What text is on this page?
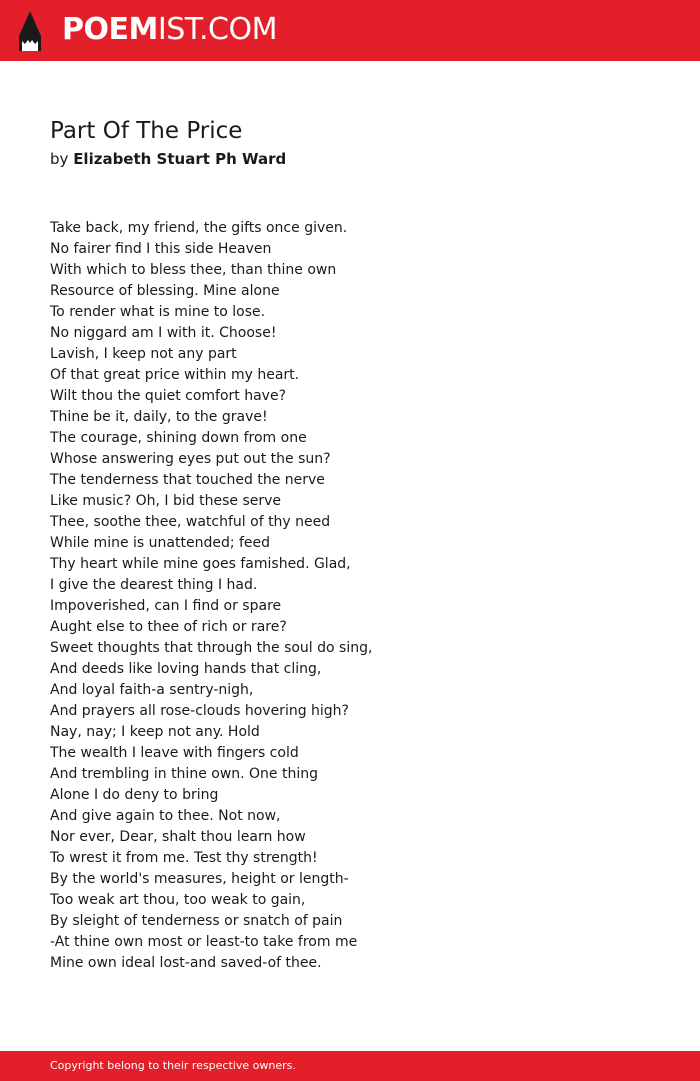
POEMIST.COM
Part Of The Price
by Elizabeth Stuart Ph Ward
Take back, my friend, the gifts once given.
No fairer find I this side Heaven
With which to bless thee, than thine own
Resource of blessing. Mine alone
To render what is mine to lose.
No niggard am I with it. Choose!
Lavish, I keep not any part
Of that great price within my heart.
Wilt thou the quiet comfort have?
Thine be it, daily, to the grave!
The courage, shining down from one
Whose answering eyes put out the sun?
The tenderness that touched the nerve
Like music? Oh, I bid these serve
Thee, soothe thee, watchful of thy need
While mine is unattended; feed
Thy heart while mine goes famished. Glad,
I give the dearest thing I had.
Impoverished, can I find or spare
Aught else to thee of rich or rare?
Sweet thoughts that through the soul do sing,
And deeds like loving hands that cling,
And loyal faith-a sentry-nigh,
And prayers all rose-clouds hovering high?
Nay, nay; I keep not any. Hold
The wealth I leave with fingers cold
And trembling in thine own. One thing
Alone I do deny to bring
And give again to thee. Not now,
Nor ever, Dear, shalt thou learn how
To wrest it from me. Test thy strength!
By the world's measures, height or length-
Too weak art thou, too weak to gain,
By sleight of tenderness or snatch of pain
-At thine own most or least-to take from me
Mine own ideal lost-and saved-of thee.
Copyright belong to their respective owners.
